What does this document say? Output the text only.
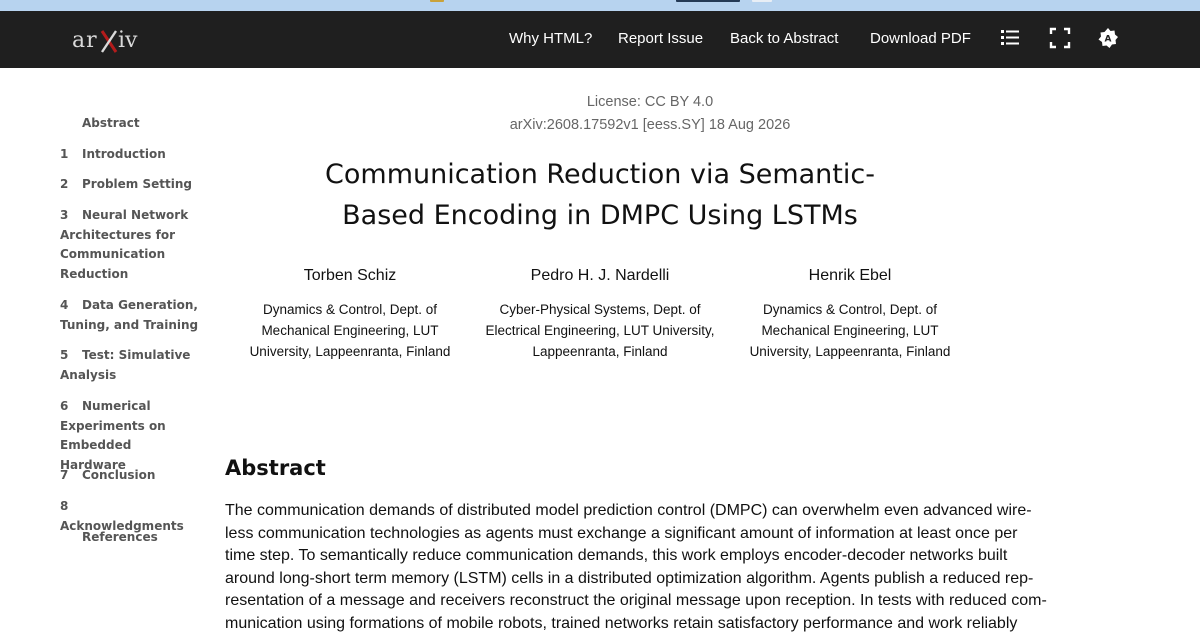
ar iv	Why HTML? Report Issue Back to Abstract Download PDF	A
Abstract
1 Introduction
2 Problem Setting
3 Neural Network Architectures for Communication Reduction
4 Data Generation, Tuning, and Training
5 Test: Simulative Analysis
6 Numerical Experiments on Embedded Hardware
7 Conclusion
8Acknowledgments
References
License: CC BY 4.0
arXiv:2608.17592v1 [eess.SY] 18 Aug 2026
Communication Reduction via Semantic-
Based Encoding in DMPC Using LSTMs
Torben Schiz
Dynamics & Control, Dept. of
Mechanical Engineering, LUT
University, Lappeenranta, Finland
Pedro H. J. Nardelli
Cyber-Physical Systems, Dept. of
Electrical Engineering, LUT University,
Lappeenranta, Finland
Henrik Ebel
Dynamics & Control, Dept. of
Mechanical Engineering, LUT
University, Lappeenranta, Finland
Abstract
The communication demands of distributed model prediction control (DMPC) can overwhelm even advanced wire-
less communication technologies as agents must exchange a significant amount of information at least once per
time step. To semantically reduce communication demands, this work employs encoder-decoder networks built
around long-short term memory (LSTM) cells in a distributed optimization algorithm. Agents publish a reduced rep-
resentation of a message and receivers reconstruct the original message upon reception. In tests with reduced com-
munication using formations of mobile robots, trained networks retain satisfactory performance and work reliably
